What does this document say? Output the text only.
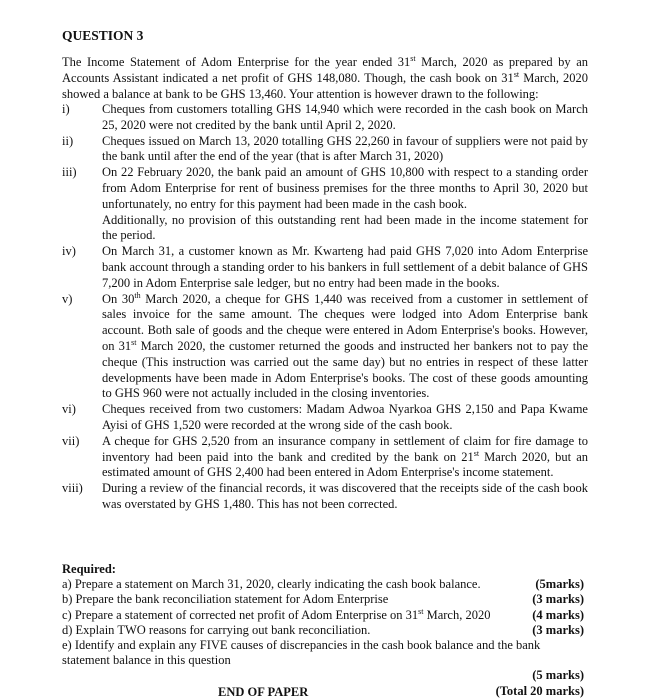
QUESTION 3
The Income Statement of Adom Enterprise for the year ended 31st March, 2020 as prepared by an Accounts Assistant indicated a net profit of GHS 148,080. Though, the cash book on 31st March, 2020 showed a balance at bank to be GHS 13,460. Your attention is however drawn to the following:
i)	Cheques from customers totalling GHS 14,940 which were recorded in the cash book on March 25, 2020 were not credited by the bank until April 2, 2020.
ii)	Cheques issued on March 13, 2020 totalling GHS 22,260 in favour of suppliers were not paid by the bank until after the end of the year (that is after March 31, 2020)
iii)	On 22 February 2020, the bank paid an amount of GHS 10,800 with respect to a standing order from Adom Enterprise for rent of business premises for the three months to April 30, 2020 but unfortunately, no entry for this payment had been made in the cash book.

Additionally, no provision of this outstanding rent had been made in the income statement for the period.

iv)	On March 31, a customer known as Mr. Kwarteng had paid GHS 7,020 into Adom Enterprise bank account through a standing order to his bankers in full settlement of a debit balance of GHS 7,200 in Adom Enterprise sale ledger, but no entry had been made in the books.
v)	On 30th March 2020, a cheque for GHS 1,440 was received from a customer in settlement of sales invoice for the same amount. The cheques were lodged into Adom Enterprise bank account. Both sale of goods and the cheque were entered in Adom Enterprise's books. However, on 31st March 2020, the customer returned the goods and instructed her bankers not to pay the cheque (This instruction was carried out the same day) but no entries in respect of these latter developments have been made in Adom Enterprise's books. The cost of these goods amounting to GHS 960 were not actually included in the closing inventories.
vi)	Cheques received from two customers: Madam Adwoa Nyarkoa GHS 2,150 and Papa Kwame Ayisi of GHS 1,520 were recorded at the wrong side of the cash book.
vii)	A cheque for GHS 2,520 from an insurance company in settlement of claim for fire damage to inventory had been paid into the bank and credited by the bank on 21st March 2020, but an estimated amount of GHS 2,400 had been entered in Adom Enterprise's income statement.
viii)	During a review of the financial records, it was discovered that the receipts side of the cash book was overstated by GHS 1,480. This has not been corrected.
Required:
a) Prepare a statement on March 31, 2020, clearly indicating the cash book balance.	(5marks)
b) Prepare the bank reconciliation statement for Adom Enterprise	(3 marks)
c) Prepare a statement of corrected net profit of Adom Enterprise on 31st March, 2020	(4 marks)
d) Explain TWO reasons for carrying out bank reconciliation.	(3 marks)
e) Identify and explain any FIVE causes of discrepancies in the cash book balance and the bank statement balance in this question
(5 marks)
(Total 20 marks)
END OF PAPER
